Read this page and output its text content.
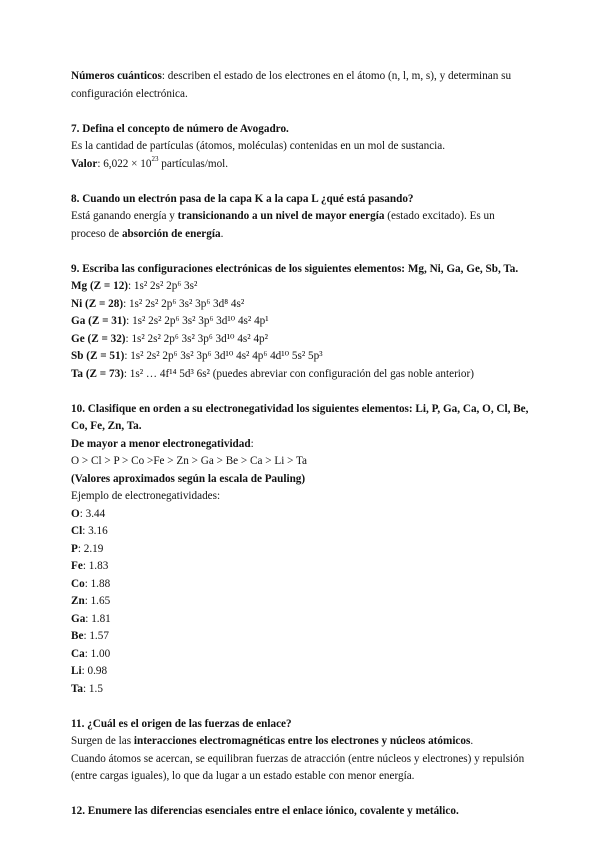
Números cuánticos: describen el estado de los electrones en el átomo (n, l, m, s), y determinan su configuración electrónica.

7. Defina el concepto de número de Avogadro.

Es la cantidad de partículas (átomos, moléculas) contenidas en un mol de sustancia.

Valor: $6,022 \times 10^{23}$ partículas/mol.

8. Cuando un electrón pasa de la capa K a la capa L ¿qué está pasando?

Está ganando energía y transicionando a un nivel de mayor energía (estado excitado). Es un proceso de absorción de energía.

9. Escriba las configuraciones electrónicas de los siguientes elementos: Mg, Ni, Ga, Ge, Sb, Ta.

Mg (Z = 12): 1s² 2s² 2p⁶ 3s²

Ni (Z = 28): 1s² 2s² 2p⁶ 3s² 3p⁶ 3d⁸ 4s²

Ga (Z = 31): 1s² 2s² 2p⁶ 3s² 3p⁶ 3d¹⁰ 4s² 4p¹

Ge (Z = 32): 1s² 2s² 2p⁶ 3s² 3p⁶ 3d¹⁰ 4s² 4p²

Sb (Z = 51): 1s² 2s² 2p⁶ 3s² 3p⁶ 3d¹⁰ 4s² 4p⁶ 4d¹⁰ 5s² 5p³

Ta (Z = 73): 1s² … 4f¹⁴ 5d³ 6s² (puedes abreviar con configuración del gas noble anterior)

10. Clasifique en orden a su electronegatividad los siguientes elementos: Li, P, Ga, Ca, O, Cl, Be, Co, Fe, Zn, Ta.

De mayor a menor electronegatividad:

O > Cl > P > Co >Fe > Zn > Ga > Be > Ca > Li > Ta

(Valores aproximados según la escala de Pauling)

Ejemplo de electronegatividades:

O: 3.44

Cl: 3.16

P: 2.19

Fe: 1.83

Co: 1.88

Zn: 1.65

Ga: 1.81

Be: 1.57

Ca: 1.00

Li: 0.98

Ta: 1.5

11. ¿Cuál es el origen de las fuerzas de enlace?

Surgen de las interacciones electromagnéticas entre los electrones y núcleos atómicos.

Cuando átomos se acercan, se equilibran fuerzas de atracción (entre núcleos y electrones) y repulsión (entre cargas iguales), lo que da lugar a un estado estable con menor energía.

12. Enumere las diferencias esenciales entre el enlace iónico, covalente y metálico.
